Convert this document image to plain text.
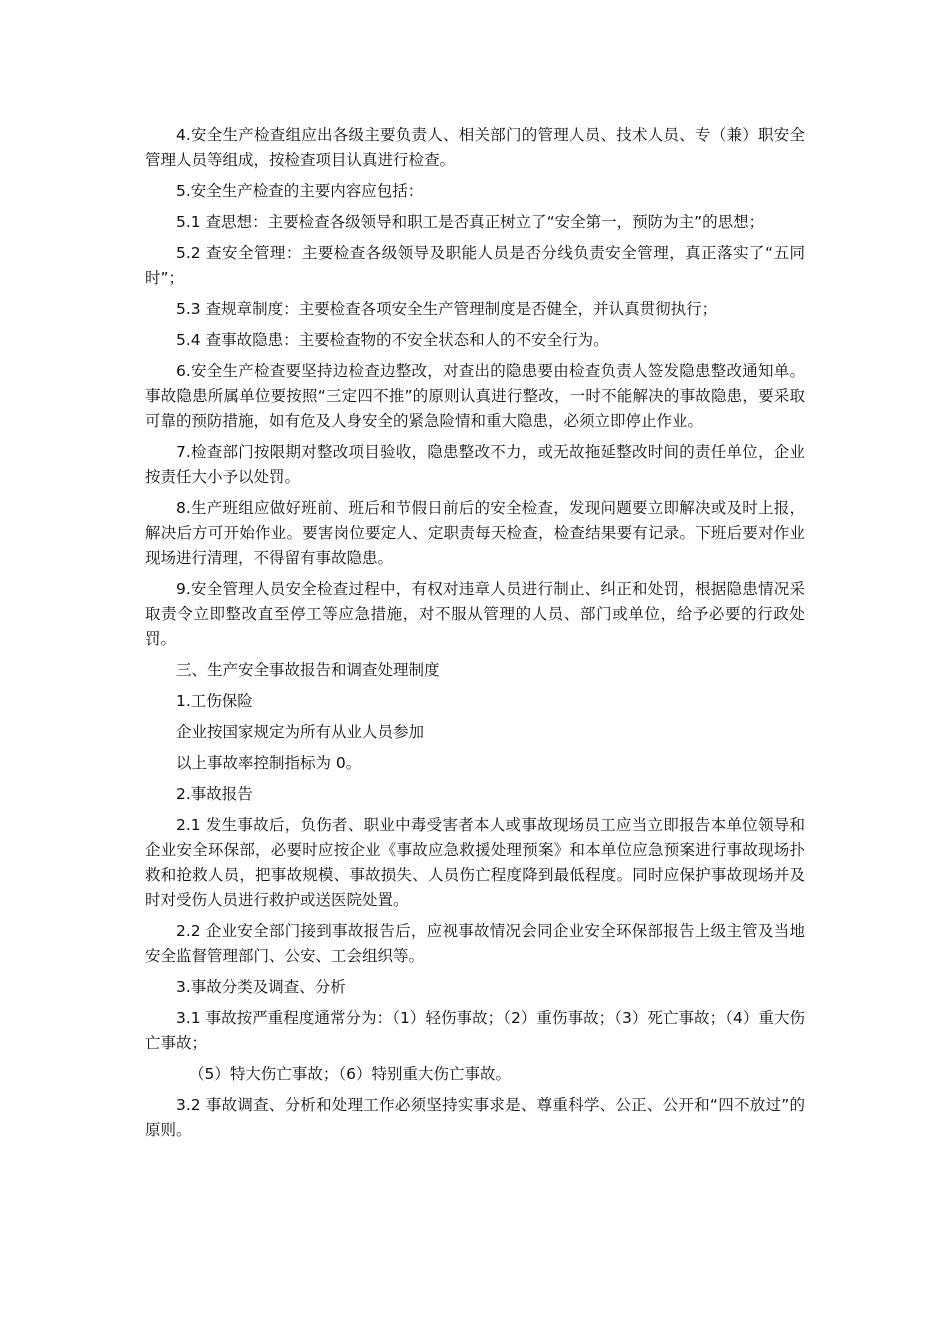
4.安全生产检查组应出各级主要负责人、相关部门的管理人员、技术人员、专（兼）职安全管理人员等组成，按检查项目认真进行检查。

5.安全生产检查的主要内容应包括：

5.1 查思想：主要检查各级领导和职工是否真正树立了“安全第一，预防为主”的思想；

5.2 查安全管理：主要检查各级领导及职能人员是否分线负责安全管理，真正落实了“五同时”；

5.3 查规章制度：主要检查各项安全生产管理制度是否健全，并认真贯彻执行；

5.4 查事故隐患：主要检查物的不安全状态和人的不安全行为。

6.安全生产检查要坚持边检查边整改，对查出的隐患要由检查负责人签发隐患整改通知单。事故隐患所属单位要按照“三定四不推”的原则认真进行整改，一时不能解决的事故隐患，要采取可靠的预防措施，如有危及人身安全的紧急险情和重大隐患，必须立即停止作业。

7.检查部门按限期对整改项目验收，隐患整改不力，或无故拖延整改时间的责任单位，企业按责任大小予以处罚。

8.生产班组应做好班前、班后和节假日前后的安全检查，发现问题要立即解决或及时上报，解决后方可开始作业。要害岗位要定人、定职责每天检查，检查结果要有记录。下班后要对作业现场进行清理，不得留有事故隐患。

9.安全管理人员安全检查过程中，有权对违章人员进行制止、纠正和处罚，根据隐患情况采取责令立即整改直至停工等应急措施，对不服从管理的人员、部门或单位，给予必要的行政处罚。

三、生产安全事故报告和调查处理制度

1.工伤保险

企业按国家规定为所有从业人员参加

以上事故率控制指标为 0。

2.事故报告

2.1 发生事故后，负伤者、职业中毒受害者本人或事故现场员工应当立即报告本单位领导和企业安全环保部，必要时应按企业《事故应急救援处理预案》和本单位应急预案进行事故现场扑救和抢救人员，把事故规模、事故损失、人员伤亡程度降到最低程度。同时应保护事故现场并及时对受伤人员进行救护或送医院处置。

2.2 企业安全部门接到事故报告后，应视事故情况会同企业安全环保部报告上级主管及当地安全监督管理部门、公安、工会组织等。

3.事故分类及调查、分析

3.1 事故按严重程度通常分为：（1）轻伤事故；（2）重伤事故；（3）死亡事故；（4）重大伤亡事故；

（5）特大伤亡事故；（6）特别重大伤亡事故。

3.2 事故调查、分析和处理工作必须坚持实事求是、尊重科学、公正、公开和“四不放过”的原则。
